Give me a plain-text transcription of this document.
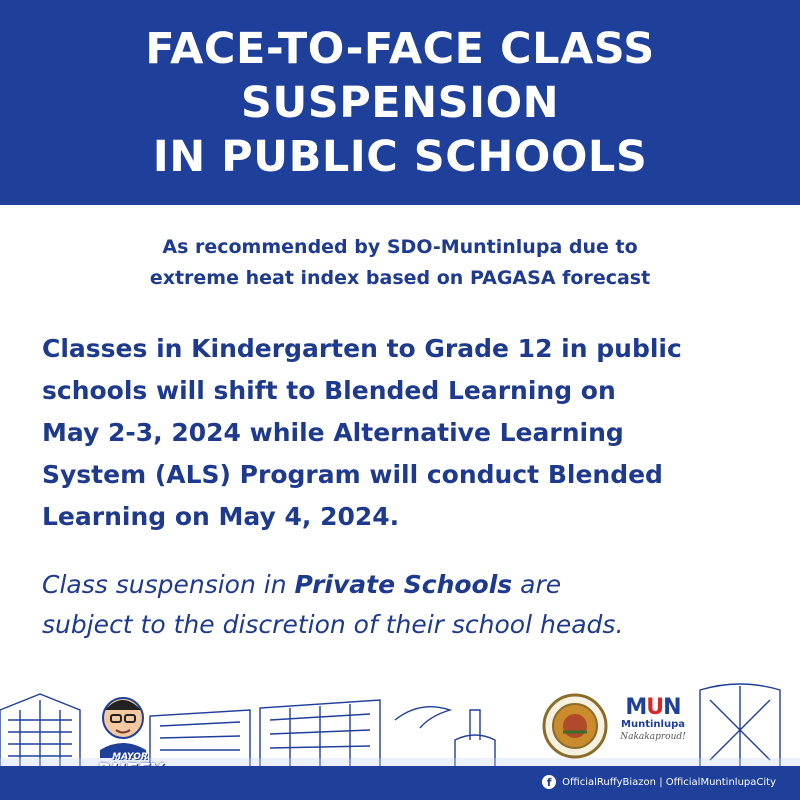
FACE-TO-FACE CLASS
SUSPENSION
IN PUBLIC SCHOOLS
As recommended by SDO-Muntinlupa due to
extreme heat index based on PAGASA forecast
Classes in Kindergarten to Grade 12 in public
schools will shift to Blended Learning on
May 2-3, 2024 while Alternative Learning
System (ALS) Program will conduct Blended
Learning on May 4, 2024.
Class suspension in Private Schools are
subject to the discretion of their school heads.
MAYOR

MUN
Muntinlupa
Nakakaproud!
f	OfficialRuffyBiazon | OfficialMuntinlupaCity
